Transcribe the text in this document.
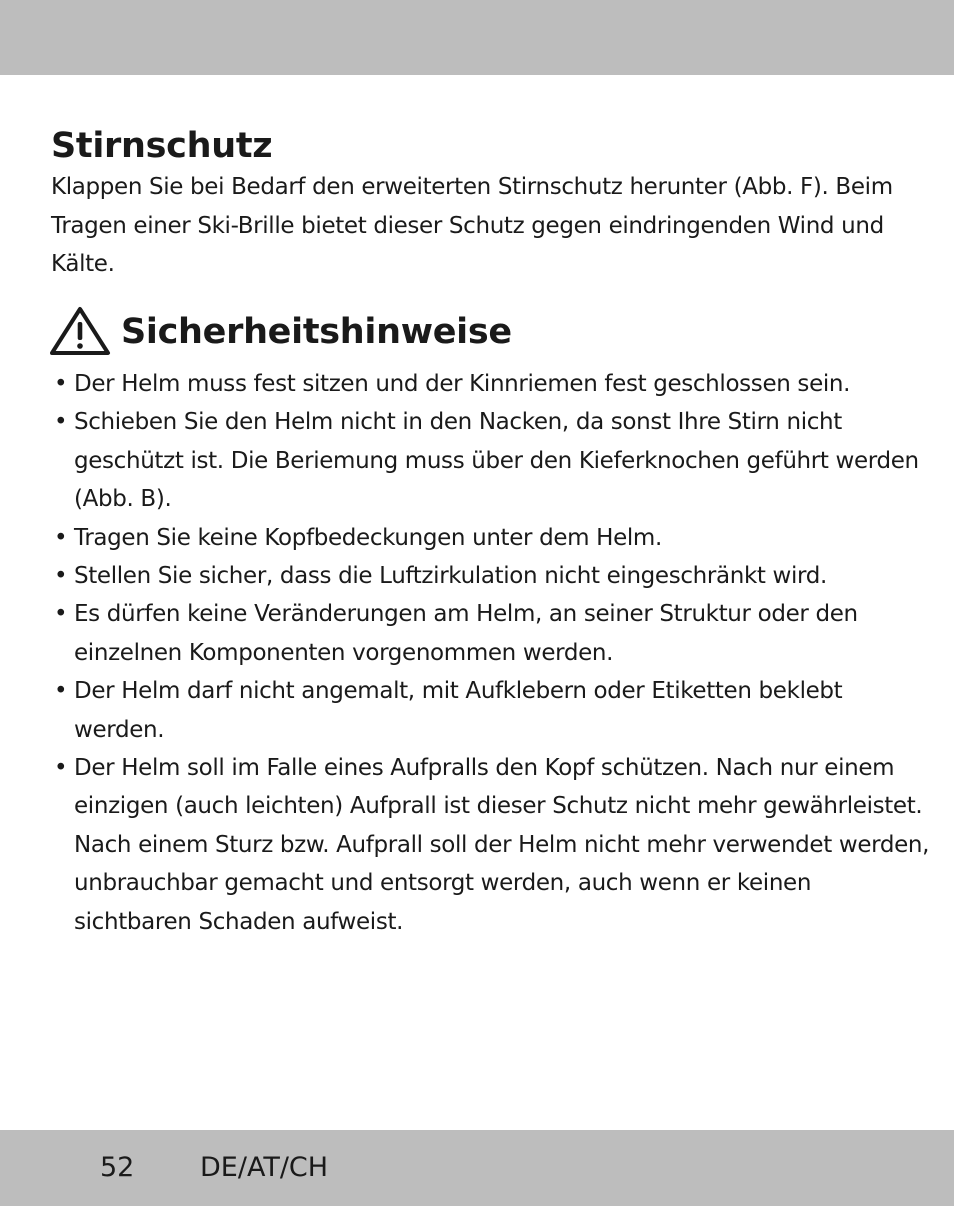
Stirnschutz

Klappen Sie bei Bedarf den erweiterten Stirnschutz herunter (Abb. F). Beim Tragen einer Ski-Brille bietet dieser Schutz gegen eindringenden Wind und Kälte.

Sicherheitshinweise
• Der Helm muss fest sitzen und der Kinnriemen fest geschlossen sein.
• Schieben Sie den Helm nicht in den Nacken, da sonst Ihre Stirn nicht geschützt ist. Die Beriemung muss über den Kieferknochen geführt werden (Abb. B).
• Tragen Sie keine Kopfbedeckungen unter dem Helm.
• Stellen Sie sicher, dass die Luftzirkulation nicht eingeschränkt wird.
• Es dürfen keine Veränderungen am Helm, an seiner Struktur oder den einzelnen Komponenten vorgenommen werden.
• Der Helm darf nicht angemalt, mit Aufklebern oder Etiketten beklebt werden.
• Der Helm soll im Falle eines Aufpralls den Kopf schützen. Nach nur einem einzigen (auch leichten) Aufprall ist dieser Schutz nicht mehr gewährleistet. Nach einem Sturz bzw. Aufprall soll der Helm nicht mehr verwendet werden, unbrauchbar gemacht und entsorgt werden, auch wenn er keinen sichtbaren Schaden aufweist.
52 DE/AT/CH
